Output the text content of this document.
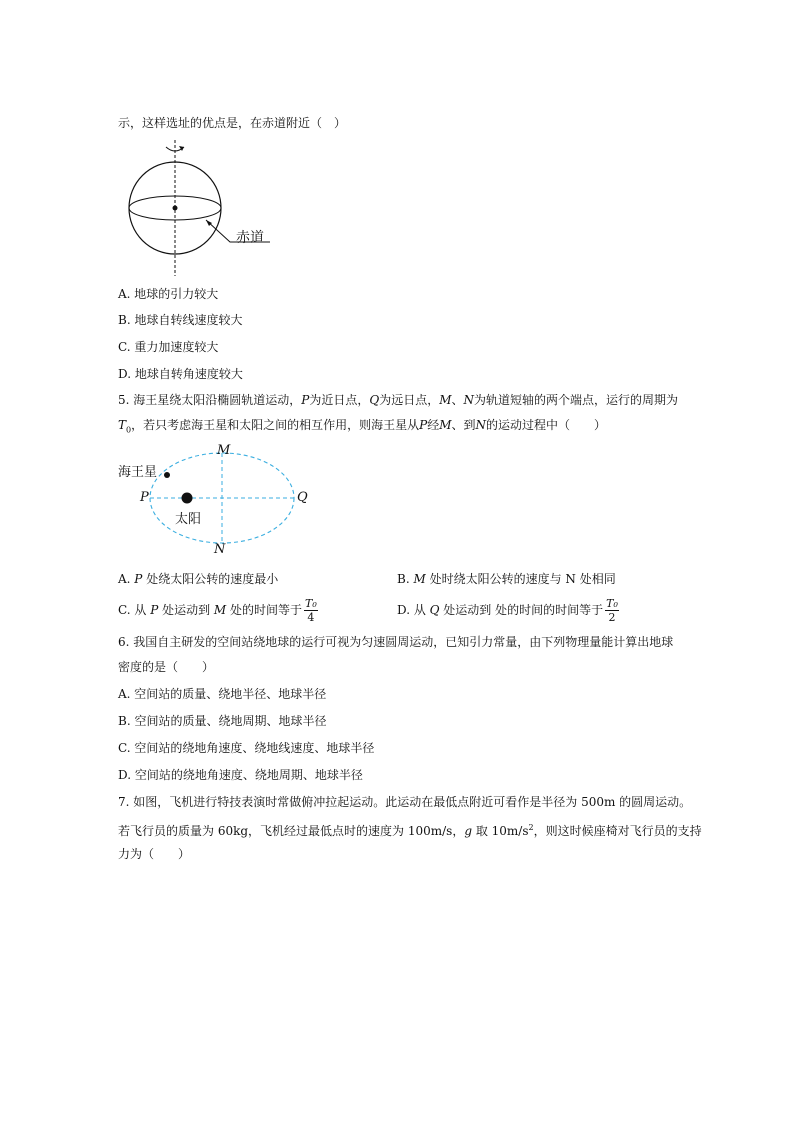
示，这样选址的优点是，在赤道附近（　）
赤道
A. 地球的引力较大
B. 地球自转线速度较大
C. 重力加速度较大
D. 地球自转角速度较大
5. 海王星绕太阳沿椭圆轨道运动，P为近日点，Q为远日点，M、N为轨道短轴的两个端点，运行的周期为
$T_0$，若只考虑海王星和太阳之间的相互作用，则海王星从P经M、到N的运动过程中（　　）
海王星
太阳
P	Q
M
N
A. P 处绕太阳公转的速度最小	B. M 处时绕太阳公转的速度与 N 处相同
C. 从 P 处运动到 M 处的时间等于 $\frac{\text{T₀}}{4}$	D. 从 Q 处运动到 处的时间的时间等于 $\frac{\text{T₀}}{2}$
6. 我国自主研发的空间站绕地球的运行可视为匀速圆周运动，已知引力常量，由下列物理量能计算出地球
密度的是（　　）
A. 空间站的质量、绕地半径、地球半径
B. 空间站的质量、绕地周期、地球半径
C. 空间站的绕地角速度、绕地线速度、地球半径
D. 空间站的绕地角速度、绕地周期、地球半径
7. 如图，飞机进行特技表演时常做俯冲拉起运动。此运动在最低点附近可看作是半径为 500m 的圆周运动。
若飞行员的质量为 60kg，飞机经过最低点时的速度为 100m/s，g 取 $10m/s^2$，则这时候座椅对飞行员的支持
力为（　　）
